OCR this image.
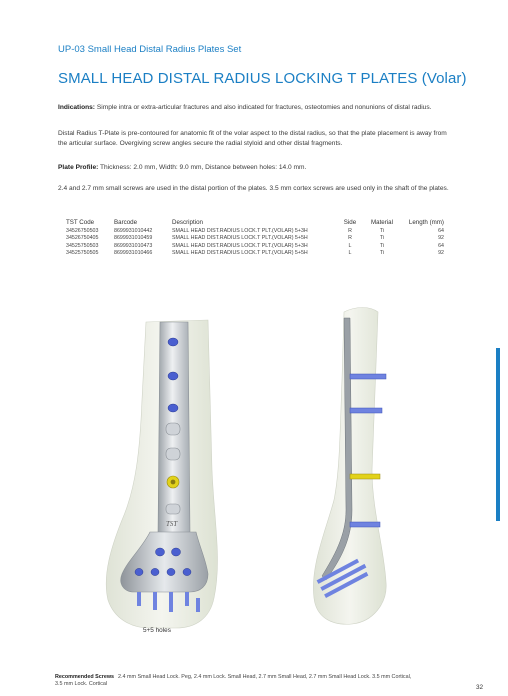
UP-03 Small Head Distal Radius Plates Set
SMALL HEAD DISTAL RADIUS LOCKING T PLATES (Volar)
Indications: Simple intra or extra-articular fractures and also indicated for fractures, osteotomies and nonunions of distal radius.
Distal Radius T-Plate is pre-contoured for anatomic fit of the volar aspect to the distal radius, so that the plate placement is away from the articular surface. Overgiving screw angles secure the radial styloid and other distal fragments.
Plate Profile: Thickness: 2.0 mm, Width: 9.0 mm, Distance between holes: 14.0 mm.
2.4 and 2.7 mm small screws are used in the distal portion of the plates. 3.5 mm cortex screws are used only in the shaft of the plates.
TST Code	Barcode	Description	Side	Material	Length (mm)
34526750503	8699931010442	SMALL HEAD DIST.RADIUS LOCK.T PLT.(VOLAR) 5+3H	R	Ti	64
34526750405	8699931010459	SMALL HEAD DIST.RADIUS LOCK.T PLT.(VOLAR) 5+5H	R	Ti	92
34525750503	8699931010473	SMALL HEAD DIST.RADIUS LOCK.T PLT.(VOLAR) 5+3H	L	Ti	64
34525750505	8699931010466	SMALL HEAD DIST.RADIUS LOCK.T PLT.(VOLAR) 5+5H	L	Ti	92
TST
5+5 holes
Recommended Screws 2.4 mm Small Head Lock. Peg, 2.4 mm Lock. Small Head, 2.7 mm Small Head, 2.7 mm Small Head Lock. 3.5 mm Cortical, 3.5 mm Lock. Cortical	32
